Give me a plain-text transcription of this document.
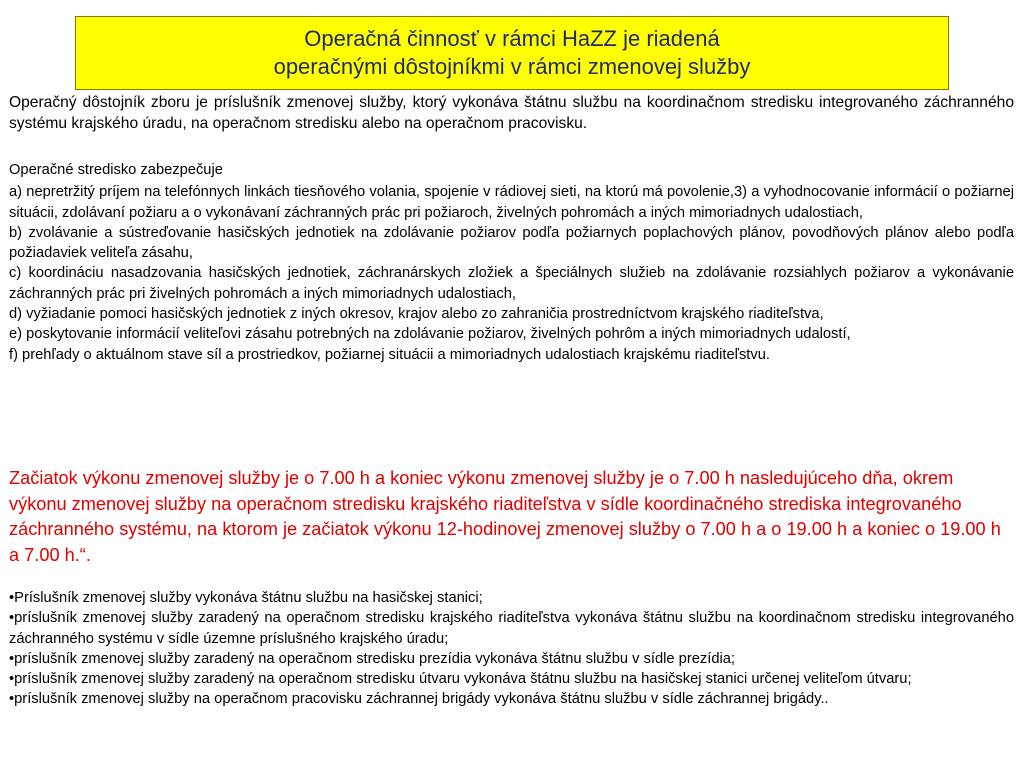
Operačná činnosť v rámci HaZZ je riadená
operačnými dôstojníkmi v rámci zmenovej služby
Operačný dôstojník zboru je príslušník zmenovej služby, ktorý vykonáva štátnu službu na koordinačnom stredisku integrovaného záchranného systému krajského úradu, na operačnom stredisku alebo na operačnom pracovisku.

Operačné stredisko zabezpečuje

a) nepretržitý príjem na telefónnych linkách tiesňového volania, spojenie v rádiovej sieti, na ktorú má povolenie,3) a vyhodnocovanie informácií o požiarnej situácii, zdolávaní požiaru a o vykonávaní záchranných prác pri požiaroch, živelných pohromách a iných mimoriadnych udalostiach,

b) zvolávanie a sústreďovanie hasičských jednotiek na zdolávanie požiarov podľa požiarnych poplachových plánov, povodňových plánov alebo podľa požiadaviek veliteľa zásahu,

c) koordináciu nasadzovania hasičských jednotiek, záchranárskych zložiek a špeciálnych služieb na zdolávanie rozsiahlych požiarov a vykonávanie záchranných prác pri živelných pohromách a iných mimoriadnych udalostiach,

d) vyžiadanie pomoci hasičských jednotiek z iných okresov, krajov alebo zo zahraničia prostredníctvom krajského riaditeľstva,

e) poskytovanie informácií veliteľovi zásahu potrebných na zdolávanie požiarov, živelných pohrôm a iných mimoriadnych udalostí,

f) prehľady o aktuálnom stave síl a prostriedkov, požiarnej situácii a mimoriadnych udalostiach krajskému riaditeľstvu.

Začiatok výkonu zmenovej služby je o 7.00 h a koniec výkonu zmenovej služby je o 7.00 h nasledujúceho dňa, okrem výkonu zmenovej služby na operačnom stredisku krajského riaditeľstva v sídle koordinačného strediska integrovaného záchranného systému, na ktorom je začiatok výkonu 12-hodinovej zmenovej služby o 7.00 h a o 19.00 h a koniec o 19.00 h a 7.00 h.“.

•Príslušník zmenovej služby vykonáva štátnu službu na hasičskej stanici;

•príslušník zmenovej služby zaradený na operačnom stredisku krajského riaditeľstva vykonáva štátnu službu na koordinačnom stredisku integrovaného záchranného systému v sídle územne príslušného krajského úradu;

•príslušník zmenovej služby zaradený na operačnom stredisku prezídia vykonáva štátnu službu v sídle prezídia;

•príslušník zmenovej služby zaradený na operačnom stredisku útvaru vykonáva štátnu službu na hasičskej stanici určenej veliteľom útvaru;

•príslušník zmenovej služby na operačnom pracovisku záchrannej brigády vykonáva štátnu službu v sídle záchrannej brigády..
